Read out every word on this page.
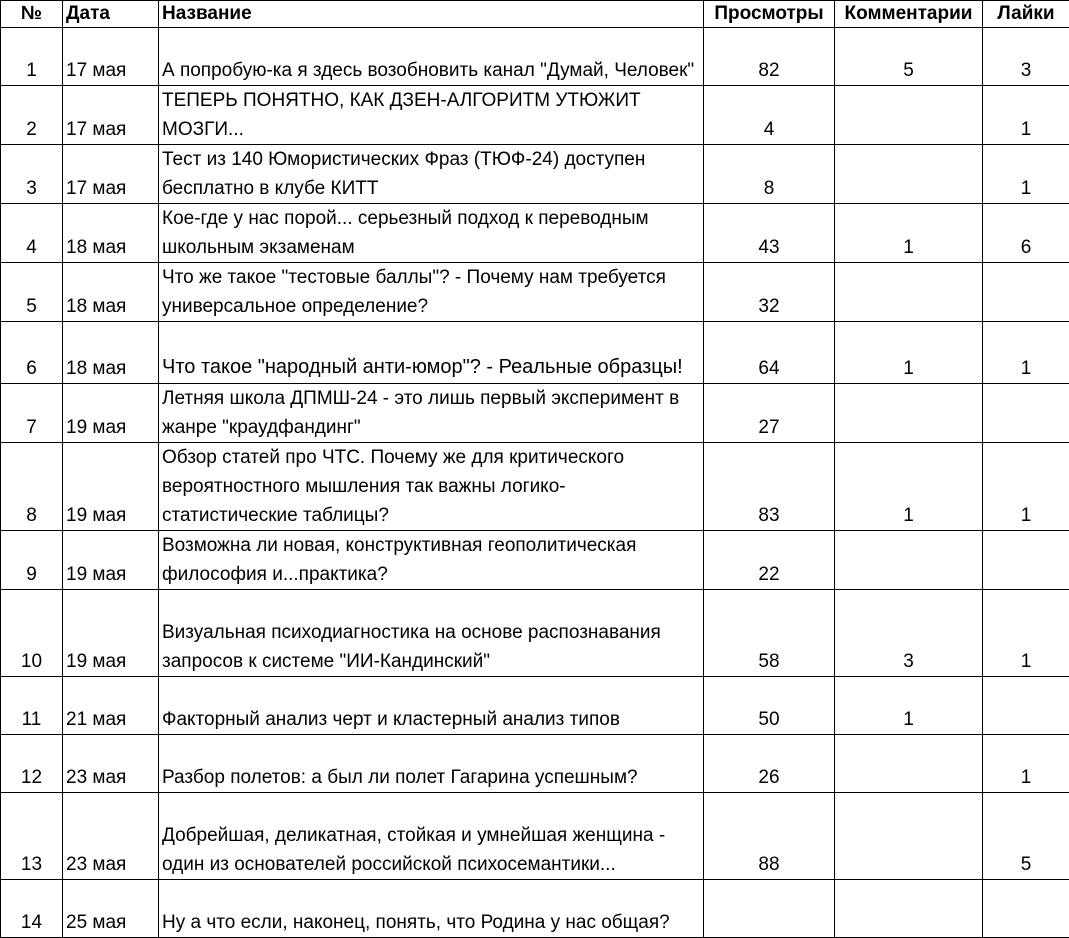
№	Дата	Название	Просмотры	Комментарии	Лайки
1	17 мая	А попробую-ка я здесь возобновить канал "Думай, Человек"	82	5	3
2	17 мая	ТЕПЕРЬ ПОНЯТНО, КАК ДЗЕН-АЛГОРИТМ УТЮЖИТ МОЗГИ...	4		1
3	17 мая	Тест из 140 Юмористических Фраз (ТЮФ-24) доступен бесплатно в клубе КИТТ	8		1
4	18 мая	Кое-где у нас порой... серьезный подход к переводным школьным экзаменам	43	1	6
5	18 мая	Что же такое "тестовые баллы"? - Почему нам требуется универсальное определение?	32		
6	18 мая	Что такое "народный анти-юмор"? - Реальные образцы!	64	1	1
7	19 мая	Летняя школа ДПМШ-24 - это лишь первый эксперимент в жанре "краудфандинг"	27		
8	19 мая	Обзор статей про ЧТС. Почему же для критического вероятностного мышления так важны логико-статистические таблицы?	83	1	1
9	19 мая	Возможна ли новая, конструктивная геополитическая философия и...практика?	22		
10	19 мая	Визуальная психодиагностика на основе распознавания запросов к системе "ИИ-Кандинский"	58	3	1
11	21 мая	Факторный анализ черт и кластерный анализ типов	50	1	
12	23 мая	Разбор полетов: а был ли полет Гагарина успешным?	26		1
13	23 мая	Добрейшая, деликатная, стойкая и умнейшая женщина - один из основателей российской психосемантики...	88		5
14	25 мая	Ну а что если, наконец, понять, что Родина у нас общая?			
